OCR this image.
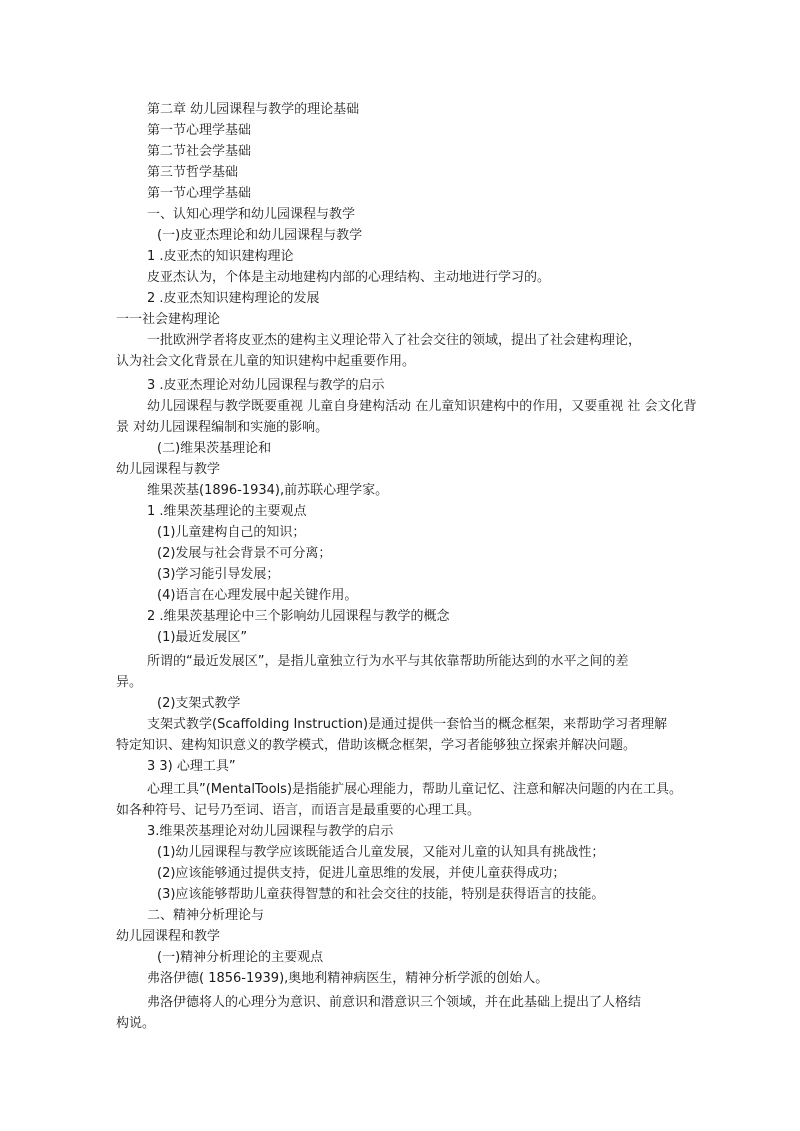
第二章 幼儿园课程与教学的理论基础
第一节心理学基础
第二节社会学基础
第三节哲学基础
第一节心理学基础
一、认知心理学和幼儿园课程与教学
(一)皮亚杰理论和幼儿园课程与教学
1 .皮亚杰的知识建构理论
皮亚杰认为，个体是主动地建构内部的心理结构、主动地进行学习的。
2 .皮亚杰知识建构理论的发展
一一社会建构理论
一批欧洲学者将皮亚杰的建构主义理论带入了社会交往的领域，提出了社会建构理论，
认为社会文化背景在儿童的知识建构中起重要作用。
3 .皮亚杰理论对幼儿园课程与教学的启示
幼儿园课程与教学既要重视 儿童自身建构活动 在儿童知识建构中的作用，又要重视 社 会文化背
景 对幼儿园课程编制和实施的影响。
(二)维果茨基理论和
幼儿园课程与教学
维果茨基(1896-1934),前苏联心理学家。
1 .维果茨基理论的主要观点
(1)儿童建构自己的知识；
(2)发展与社会背景不可分离；
(3)学习能引导发展；
(4)语言在心理发展中起关键作用。
2 .维果茨基理论中三个影响幼儿园课程与教学的概念
(1)最近发展区”
所谓的“最近发展区”，是指儿童独立行为水平与其依靠帮助所能达到的水平之间的差
异。
(2)支架式教学
支架式教学(Scaffolding Instruction)是通过提供一套恰当的概念框架，来帮助学习者理解
特定知识、建构知识意义的教学模式，借助该概念框架，学习者能够独立探索并解决问题。
3 3) 心理工具”
心理工具”(MentalTools)是指能扩展心理能力，帮助儿童记忆、注意和解决问题的内在工具。
如各种符号、记号乃至词、语言，而语言是最重要的心理工具。
3.维果茨基理论对幼儿园课程与教学的启示
(1)幼儿园课程与教学应该既能适合儿童发展，又能对儿童的认知具有挑战性；
(2)应该能够通过提供支持，促进儿童思维的发展，并使儿童获得成功；
(3)应该能够帮助儿童获得智慧的和社会交往的技能，特别是获得语言的技能。
二、精神分析理论与
幼儿园课程和教学
(一)精神分析理论的主要观点
弗洛伊德( 1856-1939),奥地利精神病医生，精神分析学派的创始人。
弗洛伊德将人的心理分为意识、前意识和潜意识三个领域，并在此基础上提出了人格结
构说。
